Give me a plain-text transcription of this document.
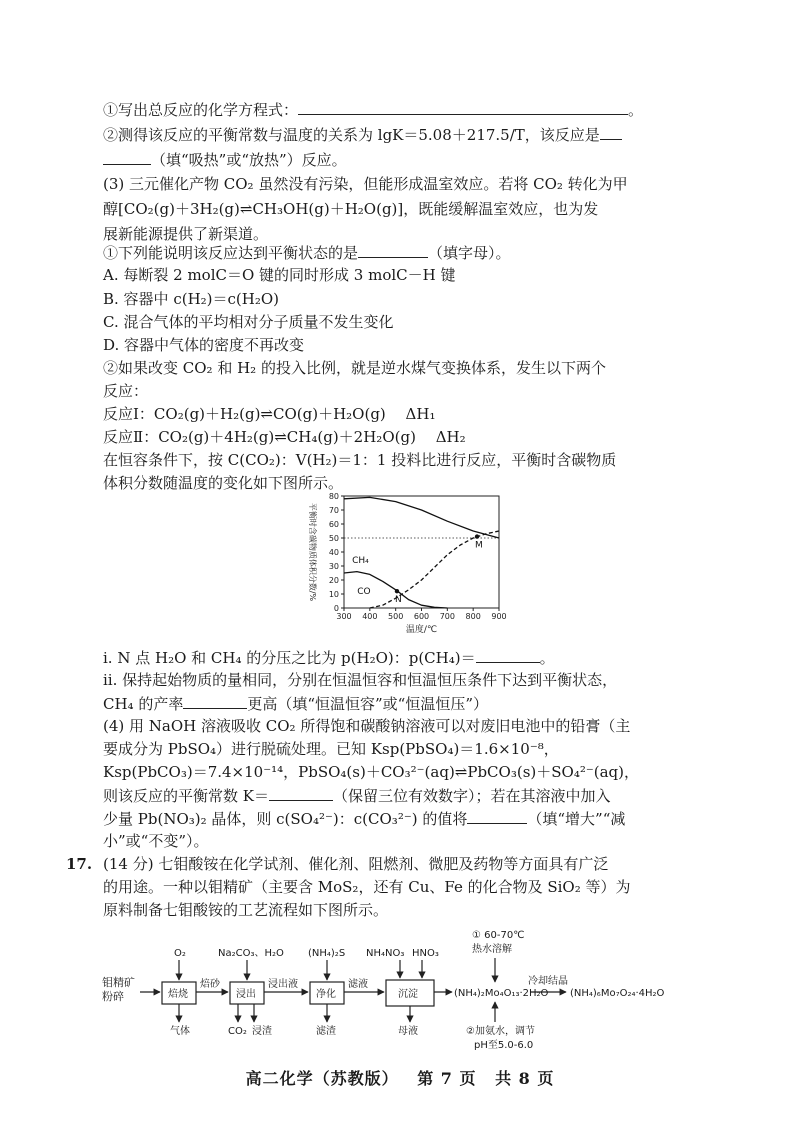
①写出总反应的化学方程式：	。
②测得该反应的平衡常数与温度的关系为 lgK＝5.08＋217.5/T，该反应是
（填“吸热”或“放热”）反应。
(3) 三元催化产物 CO₂ 虽然没有污染，但能形成温室效应。若将 CO₂ 转化为甲
醇[CO₂(g)＋3H₂(g)⇌CH₃OH(g)＋H₂O(g)]，既能缓解温室效应，也为发
展新能源提供了新渠道。
①下列能说明该反应达到平衡状态的是	（填字母）。
A. 每断裂 2 molC＝O 键的同时形成 3 molC－H 键
B. 容器中 c(H₂)＝c(H₂O)
C. 混合气体的平均相对分子质量不发生变化
D. 容器中气体的密度不再改变
②如果改变 CO₂ 和 H₂ 的投入比例，就是逆水煤气变换体系，发生以下两个
反应：
反应Ⅰ：CO₂(g)＋H₂(g)⇌CO(g)＋H₂O(g)　 ΔH₁
反应Ⅱ：CO₂(g)＋4H₂(g)⇌CH₄(g)＋2H₂O(g)　 ΔH₂
在恒容条件下，按 C(CO₂)：V(H₂)＝1：1 投料比进行反应，平衡时含碳物质
体积分数随温度的变化如下图所示。
0
10
20
30
40
50
60
70
80
300 400 500 600 700 800 900
温度/℃
平衡时含碳物质体积分数/%	M
N
CH₄
CO
ⅰ. N 点 H₂O 和 CH₄ 的分压之比为 p(H₂O)：p(CH₄)＝	。
ⅱ. 保持起始物质的量相同，分别在恒温恒容和恒温恒压条件下达到平衡状态，
CH₄ 的产率	更高（填“恒温恒容”或“恒温恒压”）
(4) 用 NaOH 溶液吸收 CO₂ 所得饱和碳酸钠溶液可以对废旧电池中的铅膏（主
要成分为 PbSO₄）进行脱硫处理。已知 Ksp(PbSO₄)＝1.6×10⁻⁸，
Ksp(PbCO₃)＝7.4×10⁻¹⁴，PbSO₄(s)＋CO₃²⁻(aq)⇌PbCO₃(s)＋SO₄²⁻(aq)，
则该反应的平衡常数 K＝	（保留三位有效数字）；若在其溶液中加入
少量 Pb(NO₃)₂ 晶体，则 c(SO₄²⁻)：c(CO₃²⁻) 的值将	（填“增大”“减
小”或“不变”）。
17. (14 分) 七钼酸铵在化学试剂、催化剂、阻燃剂、微肥及药物等方面具有广泛
的用途。一种以钼精矿（主要含 MoS₂，还有 Cu、Fe 的化合物及 SiO₂ 等）为
原料制备七钼酸铵的工艺流程如下图所示。
钼精矿
粉碎	焙烧	浸出	净化	沉淀
焙砂	浸出液	滤液
O₂	Na₂CO₃、H₂O (NH₄)₂S NH₄NO₃ HNO₃
气体	CO₂ 浸渣	滤渣	母液
(NH₄)₂Mo₄O₁₃·2H₂O
① 60-70℃
热水溶解
②加氨水，调节
pH至5.0-6.0
冷却结晶
(NH₄)₆Mo₇O₂₄·4H₂O
高二化学（苏教版） 第 7 页 共 8 页
